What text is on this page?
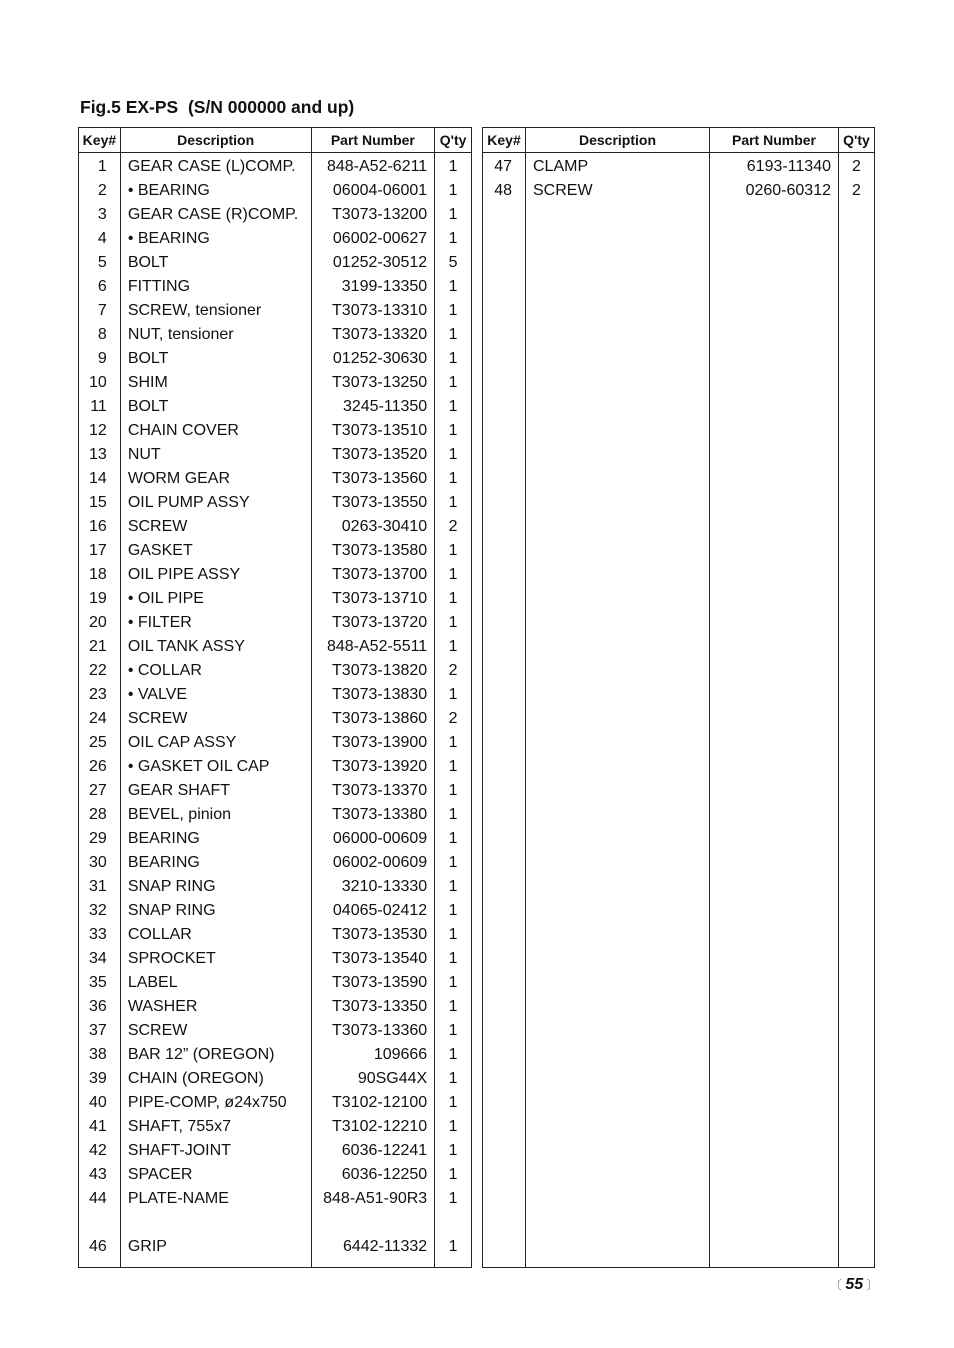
Fig.5 EX-PS  (S/N 000000 and up)
Key#	Description	Part Number	Q'ty
1	GEAR CASE (L)COMP.	848-A52-6211	1
2	• BEARING	06004-06001	1
3	GEAR CASE (R)COMP.	T3073-13200	1
4	• BEARING	06002-00627	1
5	BOLT	01252-30512	5
6	FITTING	3199-13350	1
7	SCREW, tensioner	T3073-13310	1
8	NUT, tensioner	T3073-13320	1
9	BOLT	01252-30630	1
10	SHIM	T3073-13250	1
11	BOLT	3245-11350	1
12	CHAIN COVER	T3073-13510	1
13	NUT	T3073-13520	1
14	WORM GEAR	T3073-13560	1
15	OIL PUMP ASSY	T3073-13550	1
16	SCREW	0263-30410	2
17	GASKET	T3073-13580	1
18	OIL PIPE ASSY	T3073-13700	1
19	• OIL PIPE	T3073-13710	1
20	• FILTER	T3073-13720	1
21	OIL TANK ASSY	848-A52-5511	1
22	• COLLAR	T3073-13820	2
23	• VALVE	T3073-13830	1
24	SCREW	T3073-13860	2
25	OIL CAP ASSY	T3073-13900	1
26	• GASKET OIL CAP	T3073-13920	1
27	GEAR SHAFT	T3073-13370	1
28	BEVEL, pinion	T3073-13380	1
29	BEARING	06000-00609	1
30	BEARING	06002-00609	1
31	SNAP RING	3210-13330	1
32	SNAP RING	04065-02412	1
33	COLLAR	T3073-13530	1
34	SPROCKET	T3073-13540	1
35	LABEL	T3073-13590	1
36	WASHER	T3073-13350	1
37	SCREW	T3073-13360	1
38	BAR 12” (OREGON)	109666	1
39	CHAIN (OREGON)	90SG44X	1
40	PIPE-COMP, ø24x750	T3102-12100	1
41	SHAFT, 755x7	T3102-12210	1
42	SHAFT-JOINT	6036-12241	1
43	SPACER	6036-12250	1
44	PLATE-NAME	848-A51-90R3	1

46	GRIP	6442-11332	1

Key#	Description	Part Number	Q'ty
47	CLAMP	6193-11340	2
48	SCREW	0260-60312	2

〔 55 〕
